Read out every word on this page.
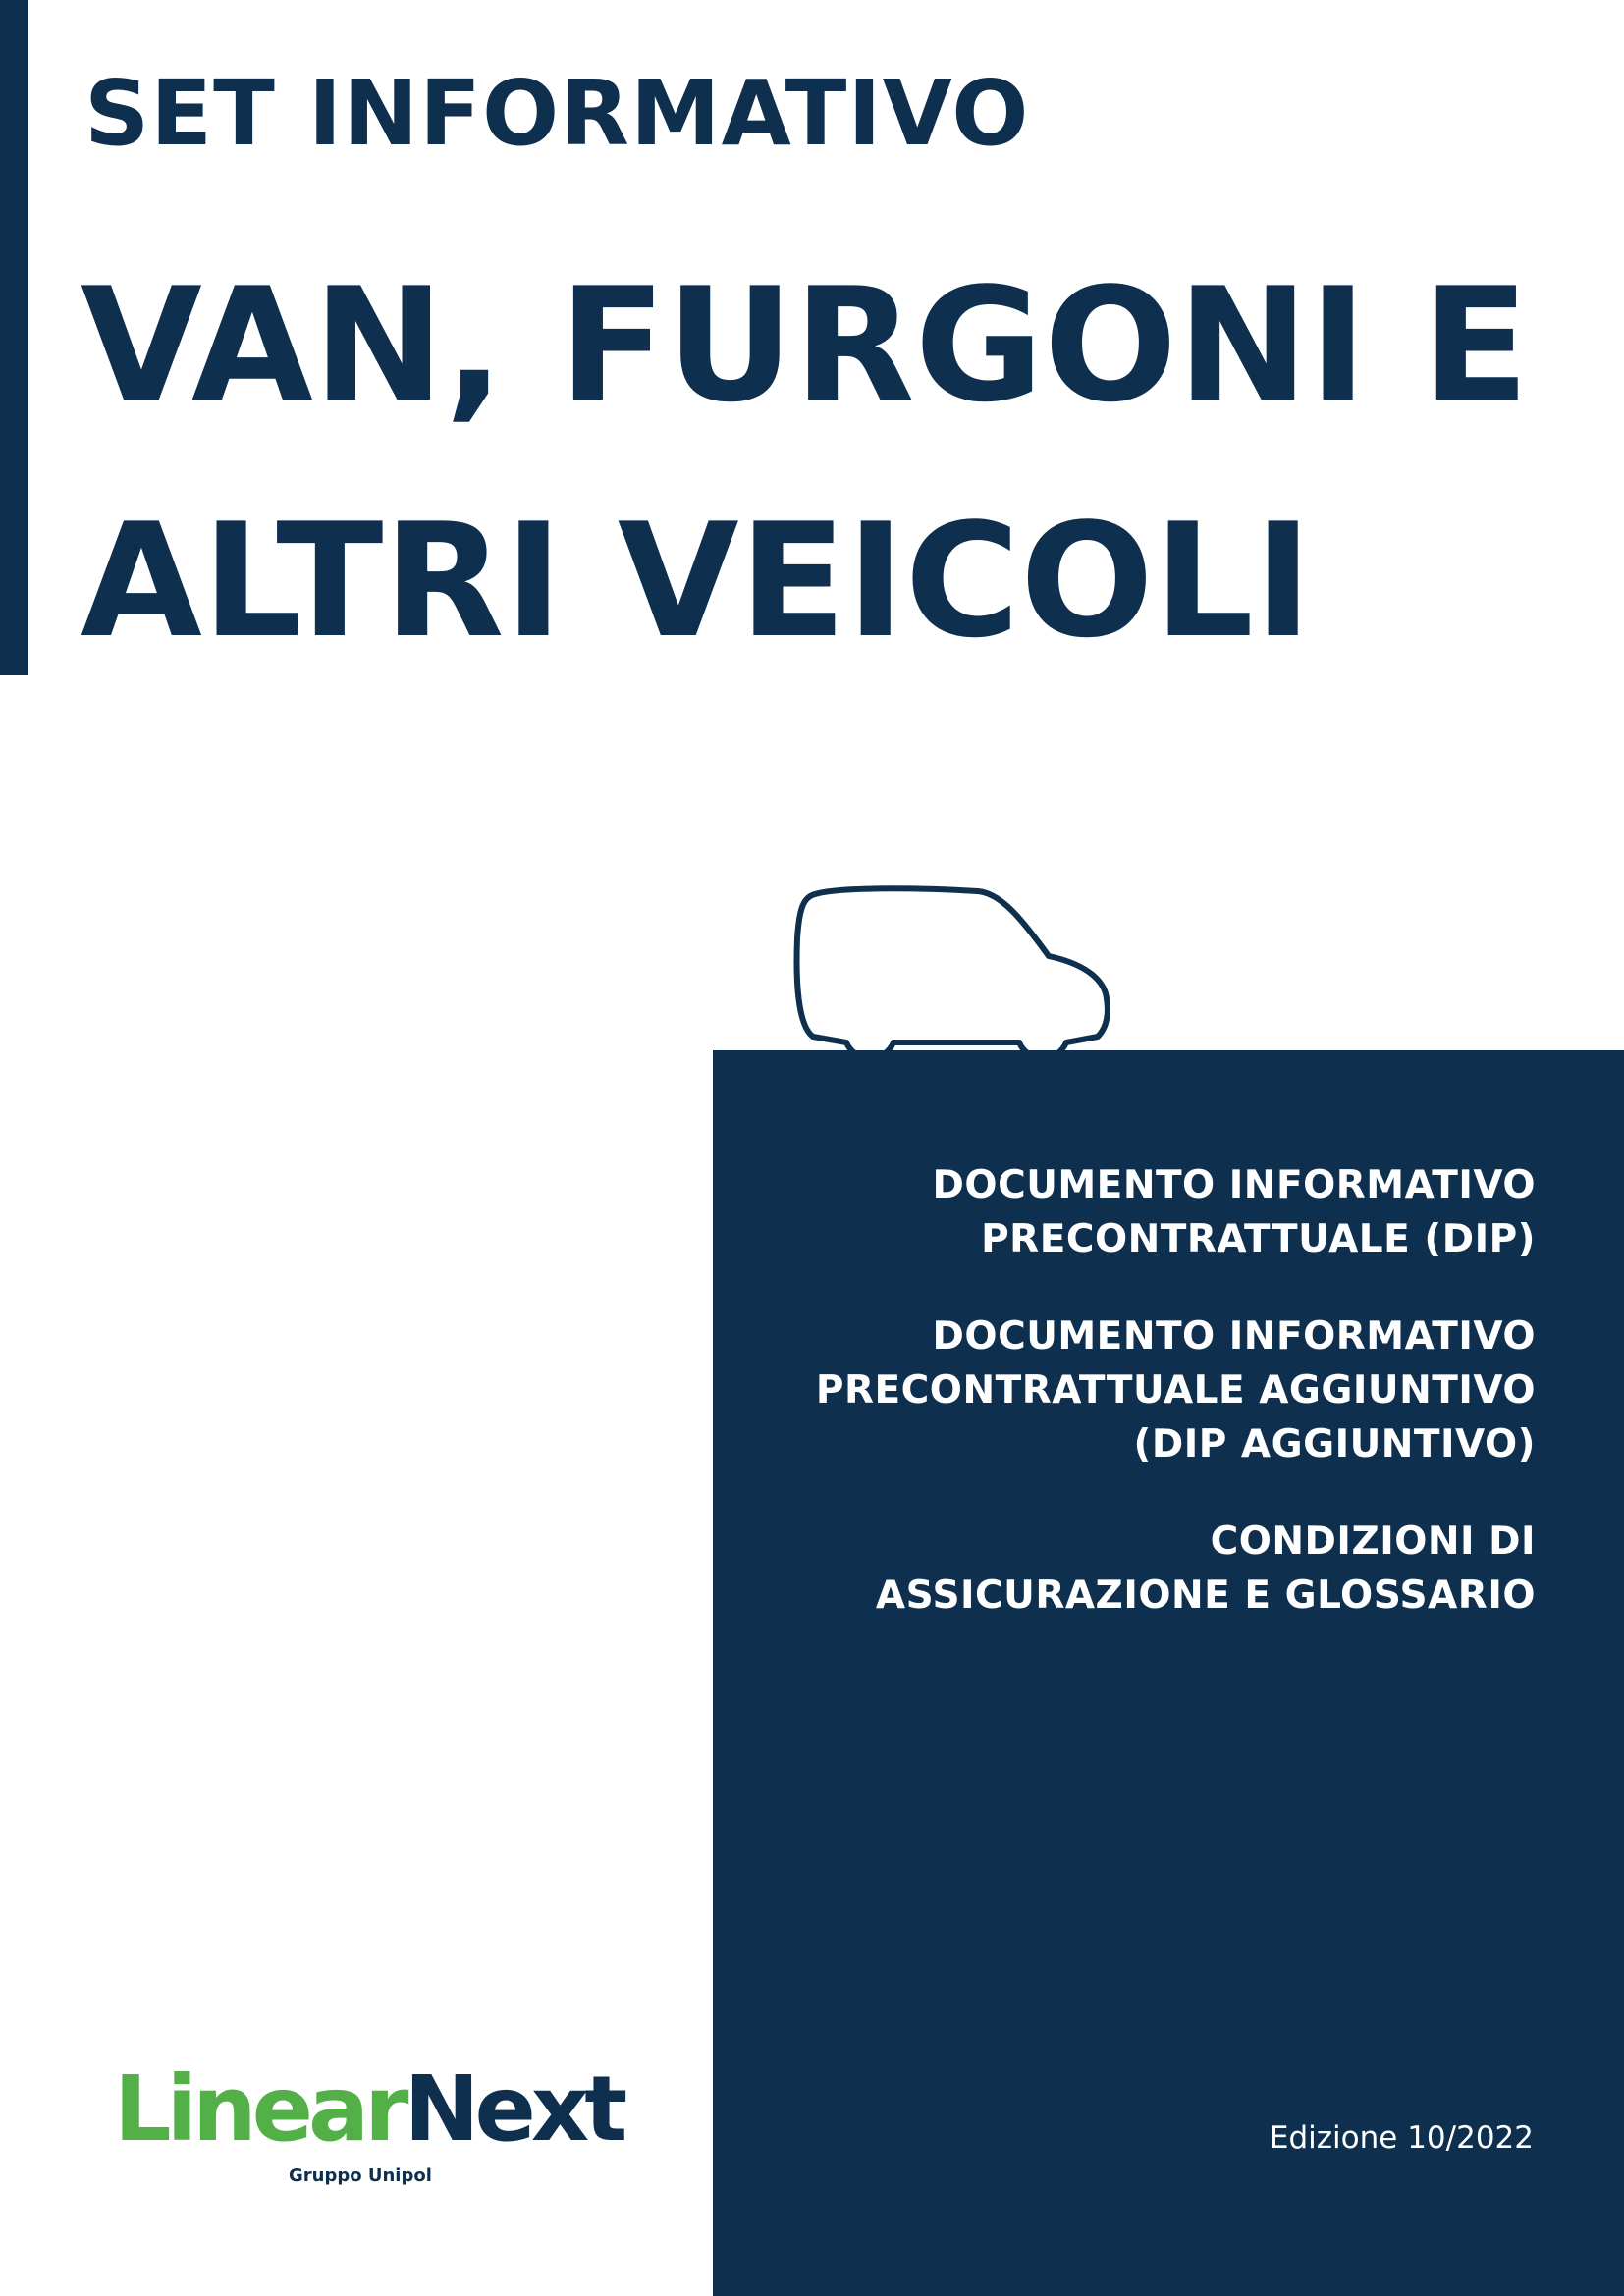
SET INFORMATIVO
VAN, FURGONI E
ALTRI VEICOLI

DOCUMENTO INFORMATIVO
PRECONTRATTUALE (DIP)

DOCUMENTO INFORMATIVO
PRECONTRATTUALE AGGIUNTIVO
(DIP AGGIUNTIVO)

CONDIZIONI DI
ASSICURAZIONE E GLOSSARIO

Edizione 10/2022
LinearNext
Gruppo Unipol
